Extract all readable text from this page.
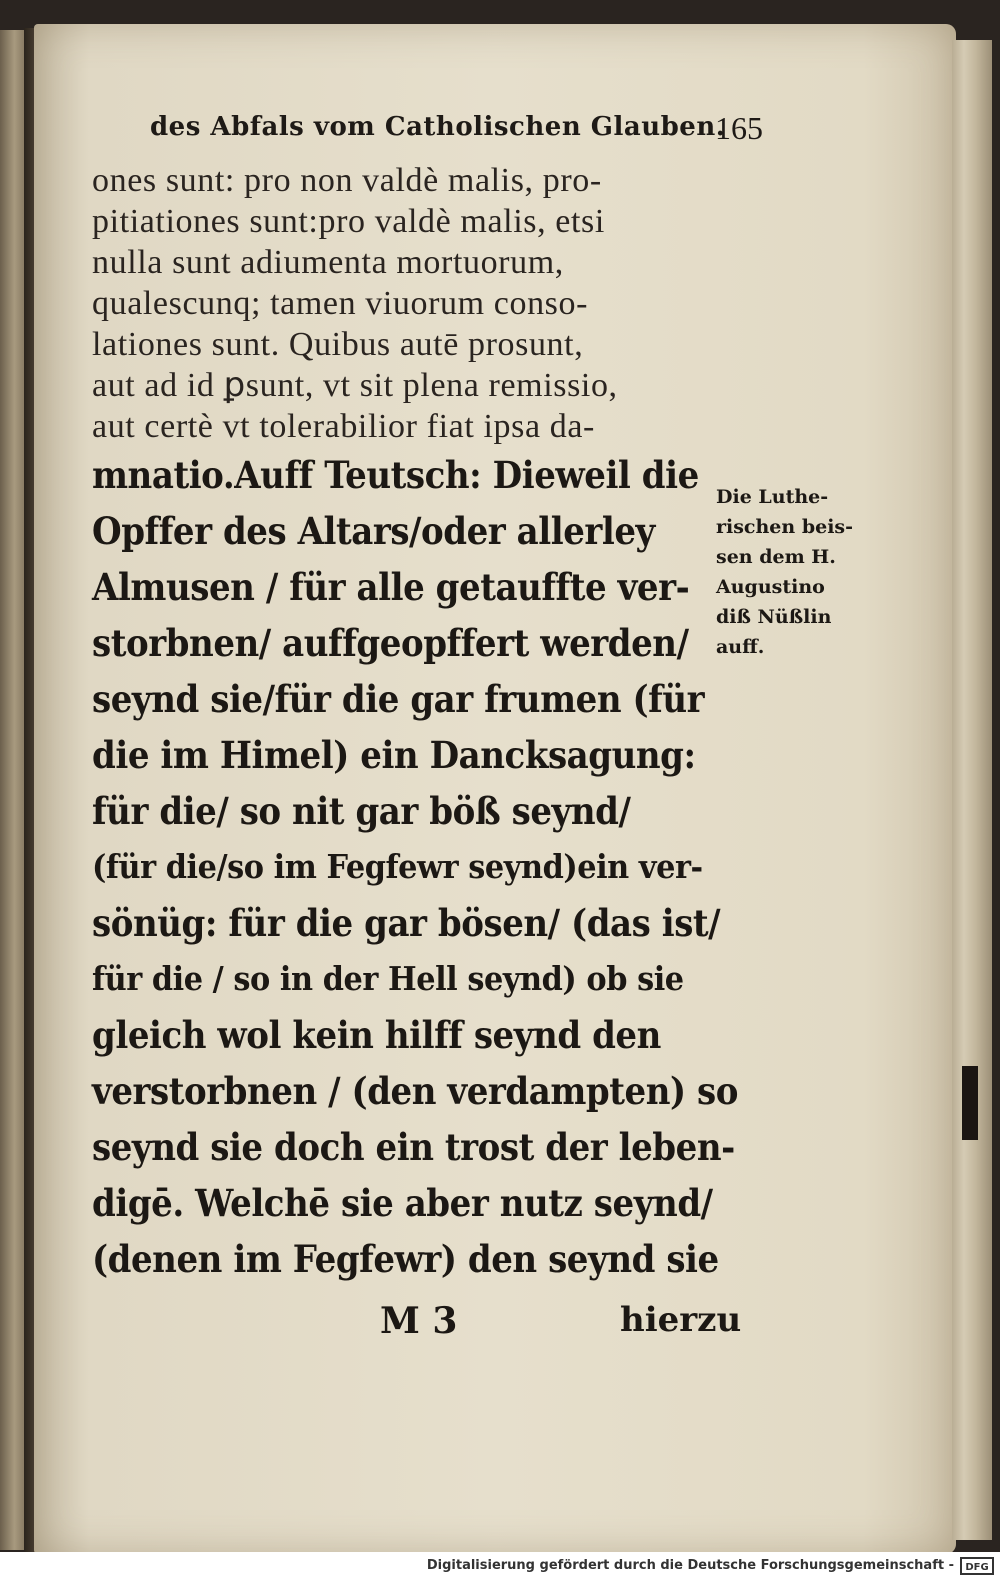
des Abfals vom Catholischen Glauben.
165
ones sunt: pro non valdè malis, pro-
pitiationes sunt:pro valdè malis, etsi
nulla sunt adiumenta mortuorum,
qualescunq; tamen viuorum conso-
lationes sunt. Quibus autē prosunt,
aut ad id ꝑsunt, vt sit plena remissio,
aut certè vt tolerabilior fiat ipsa da-
mnatio.Auff Teutsch: Dieweil die
Opffer des Altars/oder allerley
Almusen / für alle getauffte ver-
storbnen/ auffgeopffert werden/
seynd sie/für die gar frumen (für
die im Himel) ein Dancksagung:
für die/ so nit gar böß seynd/
(für die/so im Fegfewr seynd)ein ver-
sönüg: für die gar bösen/ (das ist/
für die / so in der Hell seynd) ob sie
gleich wol kein hilff seynd den
verstorbnen / (den verdampten) so
seynd sie doch ein trost der leben-
digē. Welchē sie aber nutz seynd/
(denen im Fegfewr) den seynd sie
Die Luthe-
rischen beis-
sen dem H.
Augustino
diß Nüßlin
auff.
M 3	hierzu
Digitalisierung gefördert durch die Deutsche Forschungsgemeinschaft -	DFG
